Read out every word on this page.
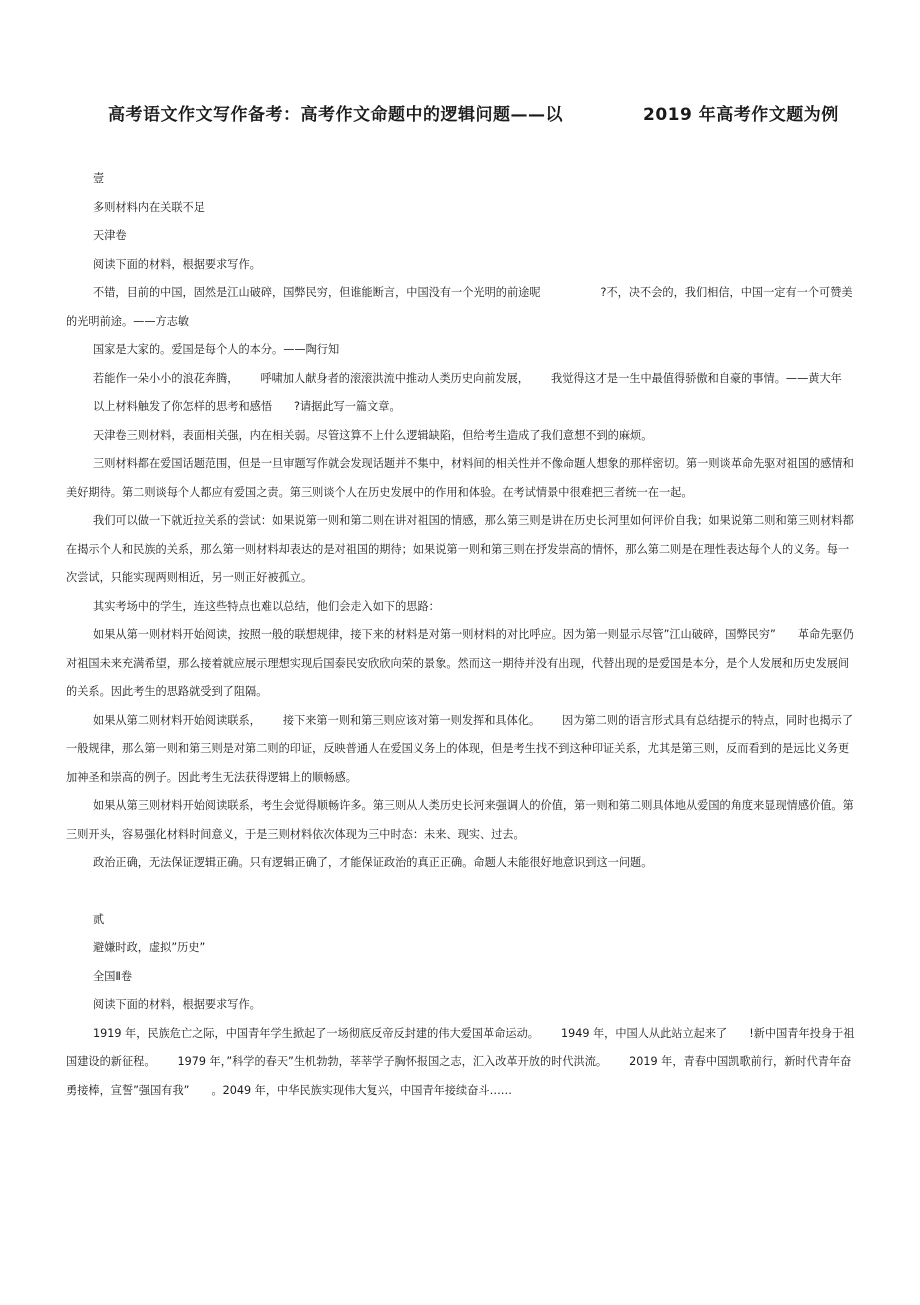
高考语文作文写作备考：高考作文命题中的逻辑问题——以	2019 年高考作文题为例

壹

多则材料内在关联不足

天津卷

阅读下面的材料，根据要求写作。

不错，目前的中国，固然是江山破碎，国弊民穷，但谁能断言，中国没有一个光明的前途呢	?不，决不会的，我们相信，中国一定有一个可赞美的光明前途。——方志敏

国家是大家的。爱国是每个人的本分。——陶行知

若能作一朵小小的浪花奔腾， 呼啸加人献身者的滚滚洪流中推动人类历史向前发展， 我觉得这才是一生中最值得骄傲和自豪的事情。——黄大年

以上材料触发了你怎样的思考和感悟 ?请据此写一篇文章。

天津卷三则材料，表面相关强，内在相关弱。尽管这算不上什么逻辑缺陷，但给考生造成了我们意想不到的麻烦。

三则材料都在爱国话题范围，但是一旦审题写作就会发现话题并不集中，材料间的相关性并不像命题人想象的那样密切。第一则谈革命先驱对祖国的感情和美好期待。第二则谈每个人都应有爱国之责。第三则谈个人在历史发展中的作用和体验。在考试情景中很难把三者统一在一起。

我们可以做一下就近拉关系的尝试：如果说第一则和第二则在讲对祖国的情感，那么第三则是讲在历史长河里如何评价自我；如果说第二则和第三则材料都在揭示个人和民族的关系，那么第一则材料却表达的是对祖国的期待；如果说第一则和第三则在抒发崇高的情怀，那么第二则是在理性表达每个人的义务。每一次尝试，只能实现两则相近，另一则正好被孤立。

其实考场中的学生，连这些特点也难以总结，他们会走入如下的思路：

如果从第一则材料开始阅读，按照一般的联想规律，接下来的材料是对第一则材料的对比呼应。因为第一则显示尽管”江山破碎，国弊民穷” 革命先驱仍对祖国未来充满希望，那么接着就应展示理想实现后国泰民安欣欣向荣的景象。然而这一期待并没有出现，代替出现的是爱国是本分，是个人发展和历史发展间的关系。因此考生的思路就受到了阻隔。

如果从第二则材料开始阅读联系， 接下来第一则和第三则应该对第一则发挥和具体化。 因为第二则的语言形式具有总结提示的特点，同时也揭示了一般规律，那么第一则和第三则是对第二则的印证，反映普通人在爱国义务上的体现，但是考生找不到这种印证关系，尤其是第三则，反而看到的是远比义务更加神圣和崇高的例子。因此考生无法获得逻辑上的顺畅感。

如果从第三则材料开始阅读联系，考生会觉得顺畅许多。第三则从人类历史长河来强调人的价值，第一则和第二则具体地从爱国的角度来显现情感价值。第三则开头，容易强化材料时间意义，于是三则材料依次体现为三中时态：未来、现实、过去。

政治正确，无法保证逻辑正确。只有逻辑正确了，才能保证政治的真正正确。命题人未能很好地意识到这一问题。

贰

避嫌时政，虚拟”历史”

全国Ⅱ卷

阅读下面的材料，根据要求写作。

1919 年，民族危亡之际，中国青年学生掀起了一场彻底反帝反封建的伟大爱国革命运动。 1949 年，中国人从此站立起来了 !新中国青年投身于祖国建设的新征程。 1979 年，”科学的春天”生机勃勃，莘莘学子胸怀报国之志，汇入改革开放的时代洪流。 2019 年，青春中国凯歌前行，新时代青年奋勇接棒，宣誓”强国有我” 。2049 年，中华民族实现伟大复兴，中国青年接续奋斗……
